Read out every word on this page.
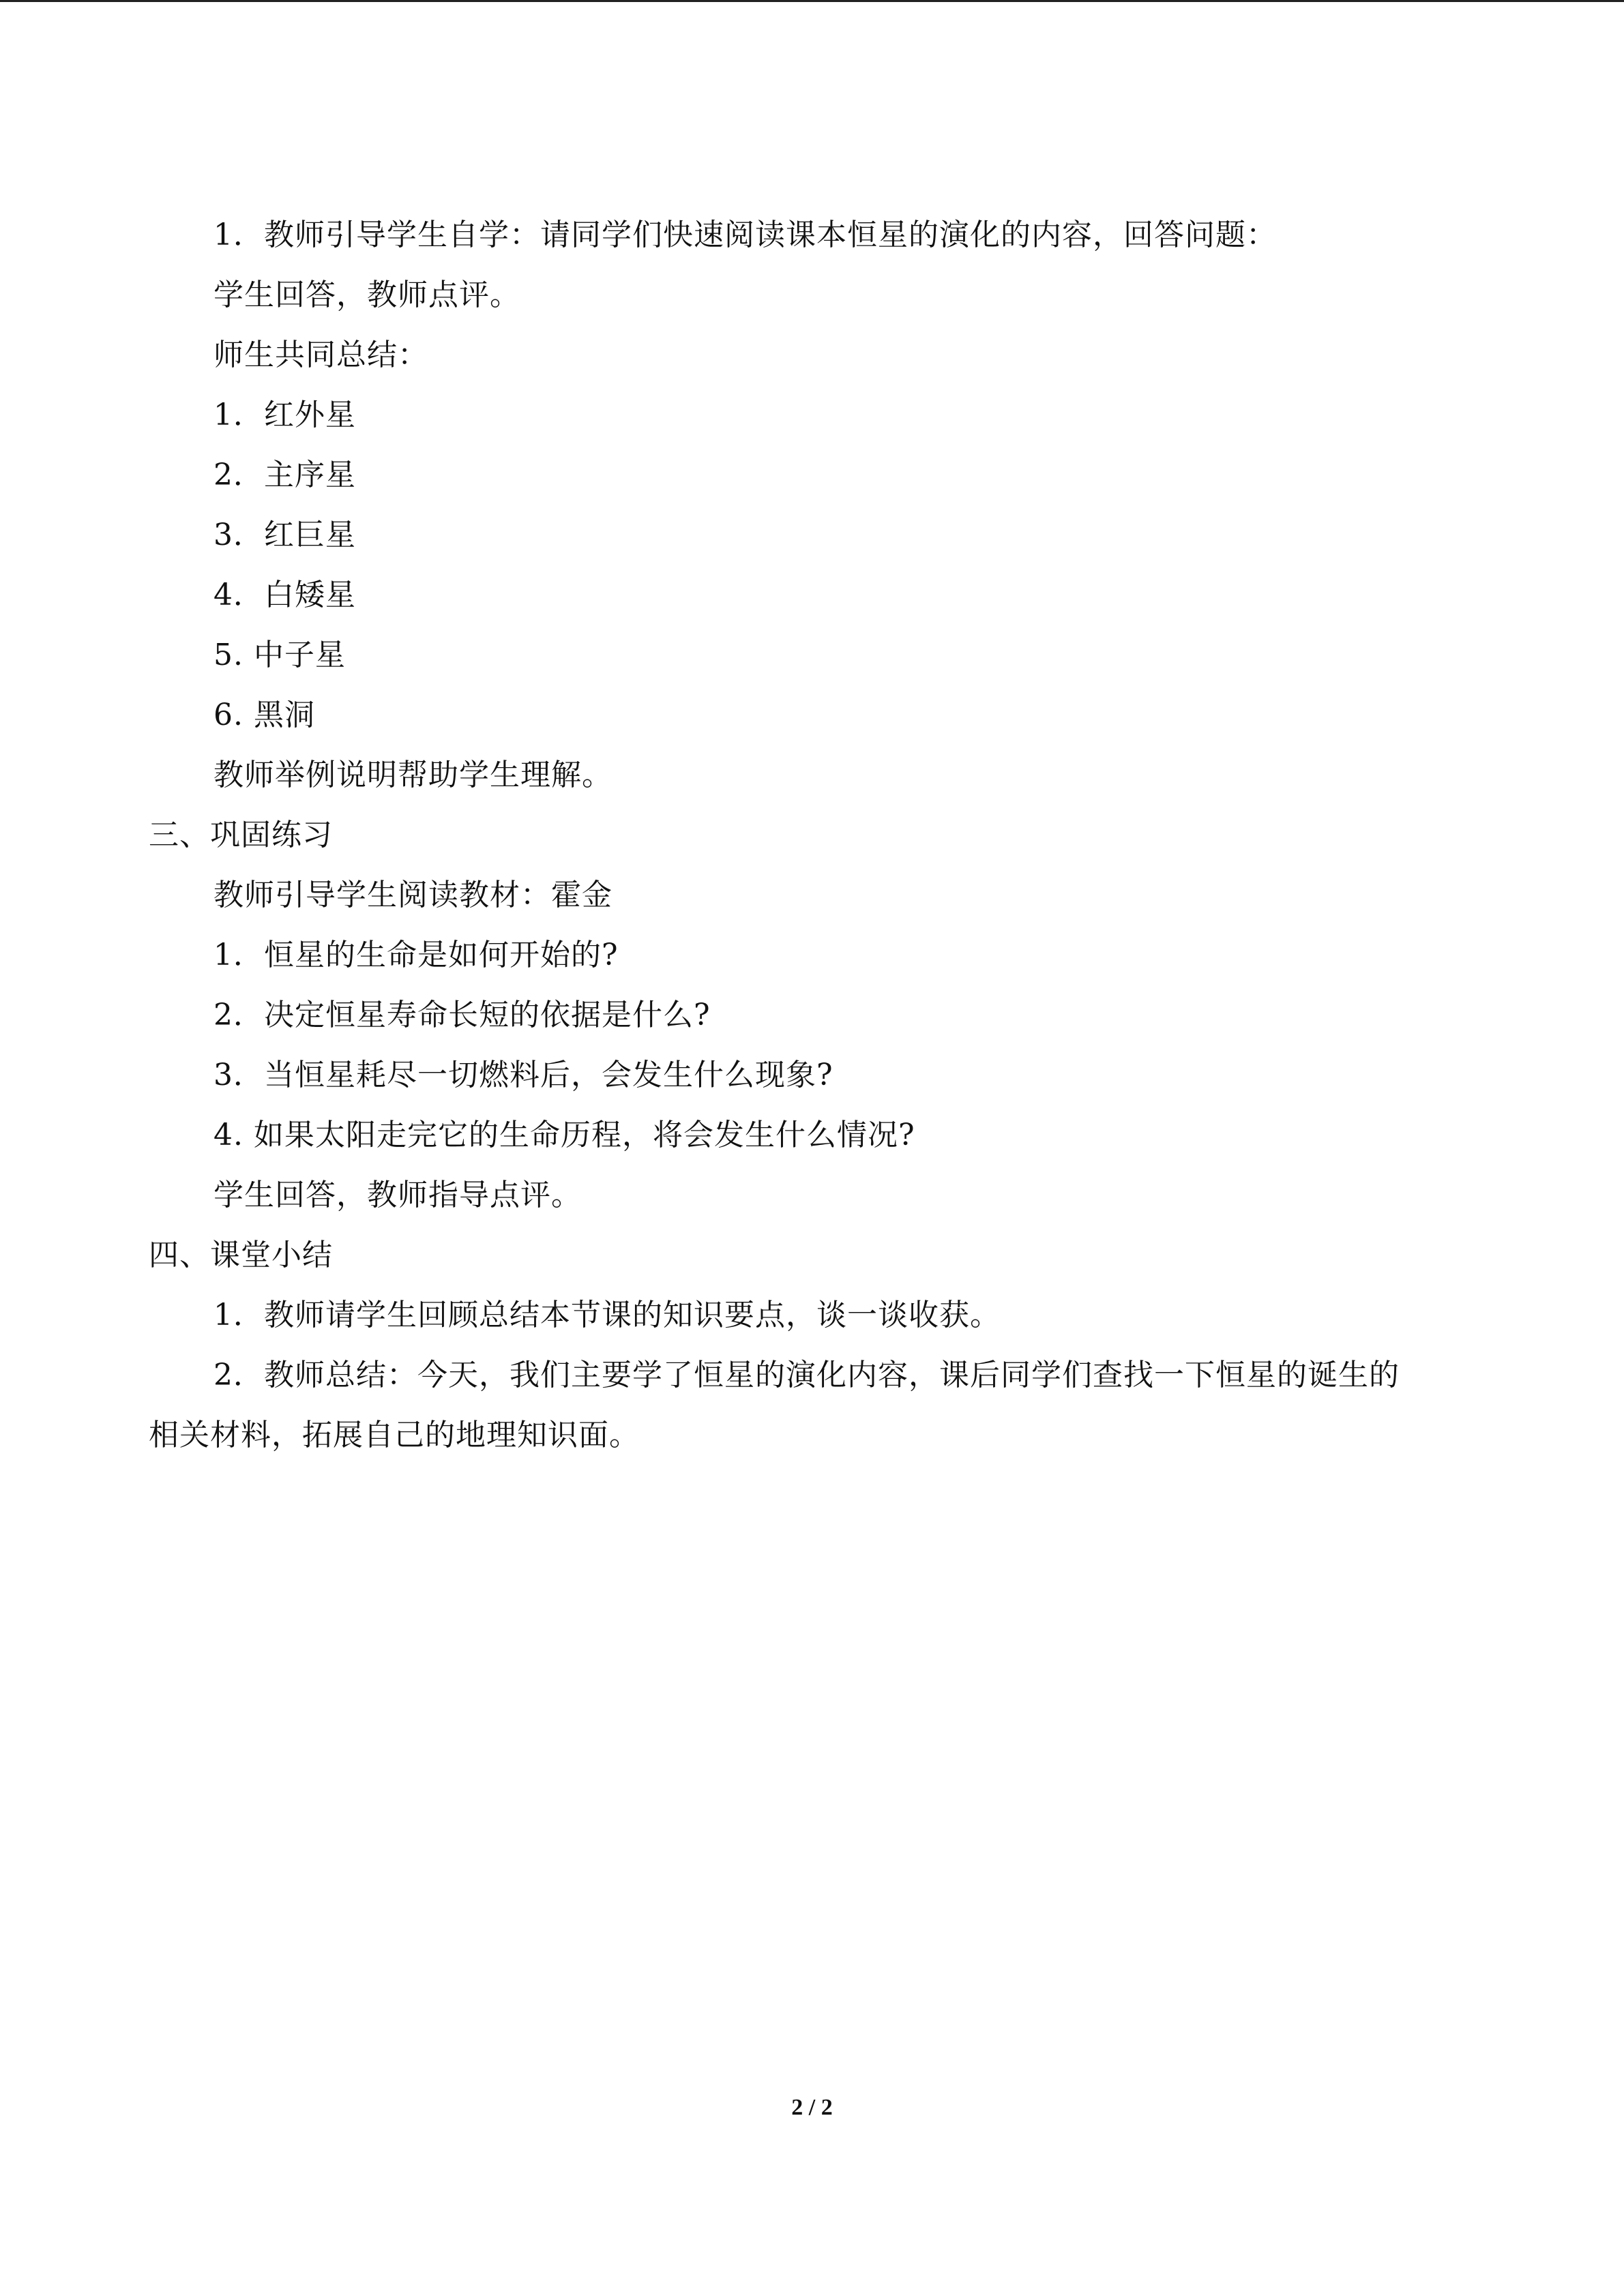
1．教师引导学生自学：请同学们快速阅读课本恒星的演化的内容，回答问题：
学生回答，教师点评。
师生共同总结：
1．红外星
2．主序星
3．红巨星
4．白矮星
5. 中子星
6. 黑洞
教师举例说明帮助学生理解。
三、巩固练习
教师引导学生阅读教材：霍金
1．恒星的生命是如何开始的?
2．决定恒星寿命长短的依据是什么?
3．当恒星耗尽一切燃料后，会发生什么现象?
4. 如果太阳走完它的生命历程，将会发生什么情况?
学生回答，教师指导点评。
四、课堂小结
1．教师请学生回顾总结本节课的知识要点，谈一谈收获。
2．教师总结：今天，我们主要学了恒星的演化内容，课后同学们查找一下恒星的诞生的
相关材料，拓展自己的地理知识面。
2 / 2
